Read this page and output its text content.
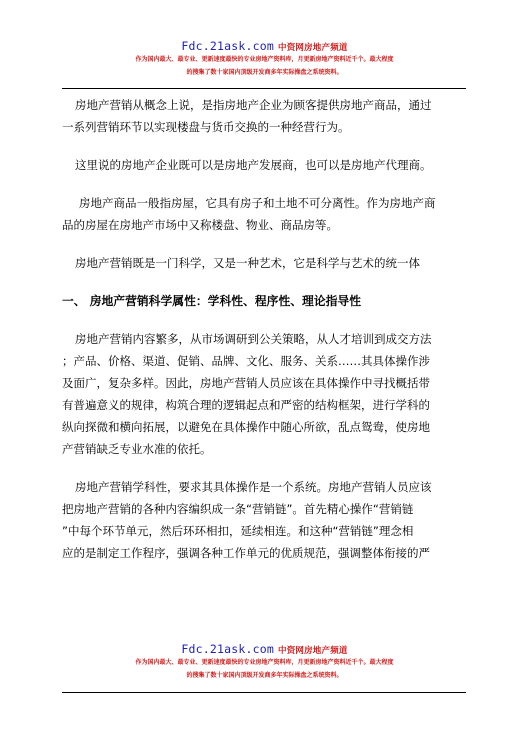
Fdc.21ask.com 中资网房地产频道
作为国内最大、最专业、更新速度最快的专业房地产资料库，月更新房地产资料近千个。最大程度
的搜集了数十家国内顶级开发商多年实际操盘之系统资料。

房地产营销从概念上说，是指房地产企业为顾客提供房地产商品，通过
一系列营销环节以实现楼盘与货币交换的一种经营行为。

这里说的房地产企业既可以是房地产发展商，也可以是房地产代理商。

房地产商品一般指房屋，它具有房子和土地不可分离性。作为房地产商
品的房屋在房地产市场中又称楼盘、物业、商品房等。

房地产营销既是一门科学，又是一种艺术，它是科学与艺术的统一体

一、 房地产营销科学属性：学科性、程序性、理论指导性

房地产营销内容繁多，从市场调研到公关策略，从人才培训到成交方法
；产品、价格、渠道、促销、品牌、文化、服务、关系……其具体操作涉
及面广，复杂多样。因此，房地产营销人员应该在具体操作中寻找概括带
有普遍意义的规律，构筑合理的逻辑起点和严密的结构框架，进行学科的
纵向探微和横向拓展，以避免在具体操作中随心所欲，乱点鸳鸯，使房地
产营销缺乏专业水准的依托。

房地产营销学科性，要求其具体操作是一个系统。房地产营销人员应该
把房地产营销的各种内容编织成一条“营销链”。首先精心操作“营销链
”中每个环节单元，然后环环相扣，延续相连。和这种“营销链”理念相
应的是制定工作程序，强调各种工作单元的优质规范，强调整体衔接的严

Fdc.21ask.com 中资网房地产频道
作为国内最大、最专业、更新速度最快的专业房地产资料库，月更新房地产资料近千个。最大程度
的搜集了数十家国内顶级开发商多年实际操盘之系统资料。
